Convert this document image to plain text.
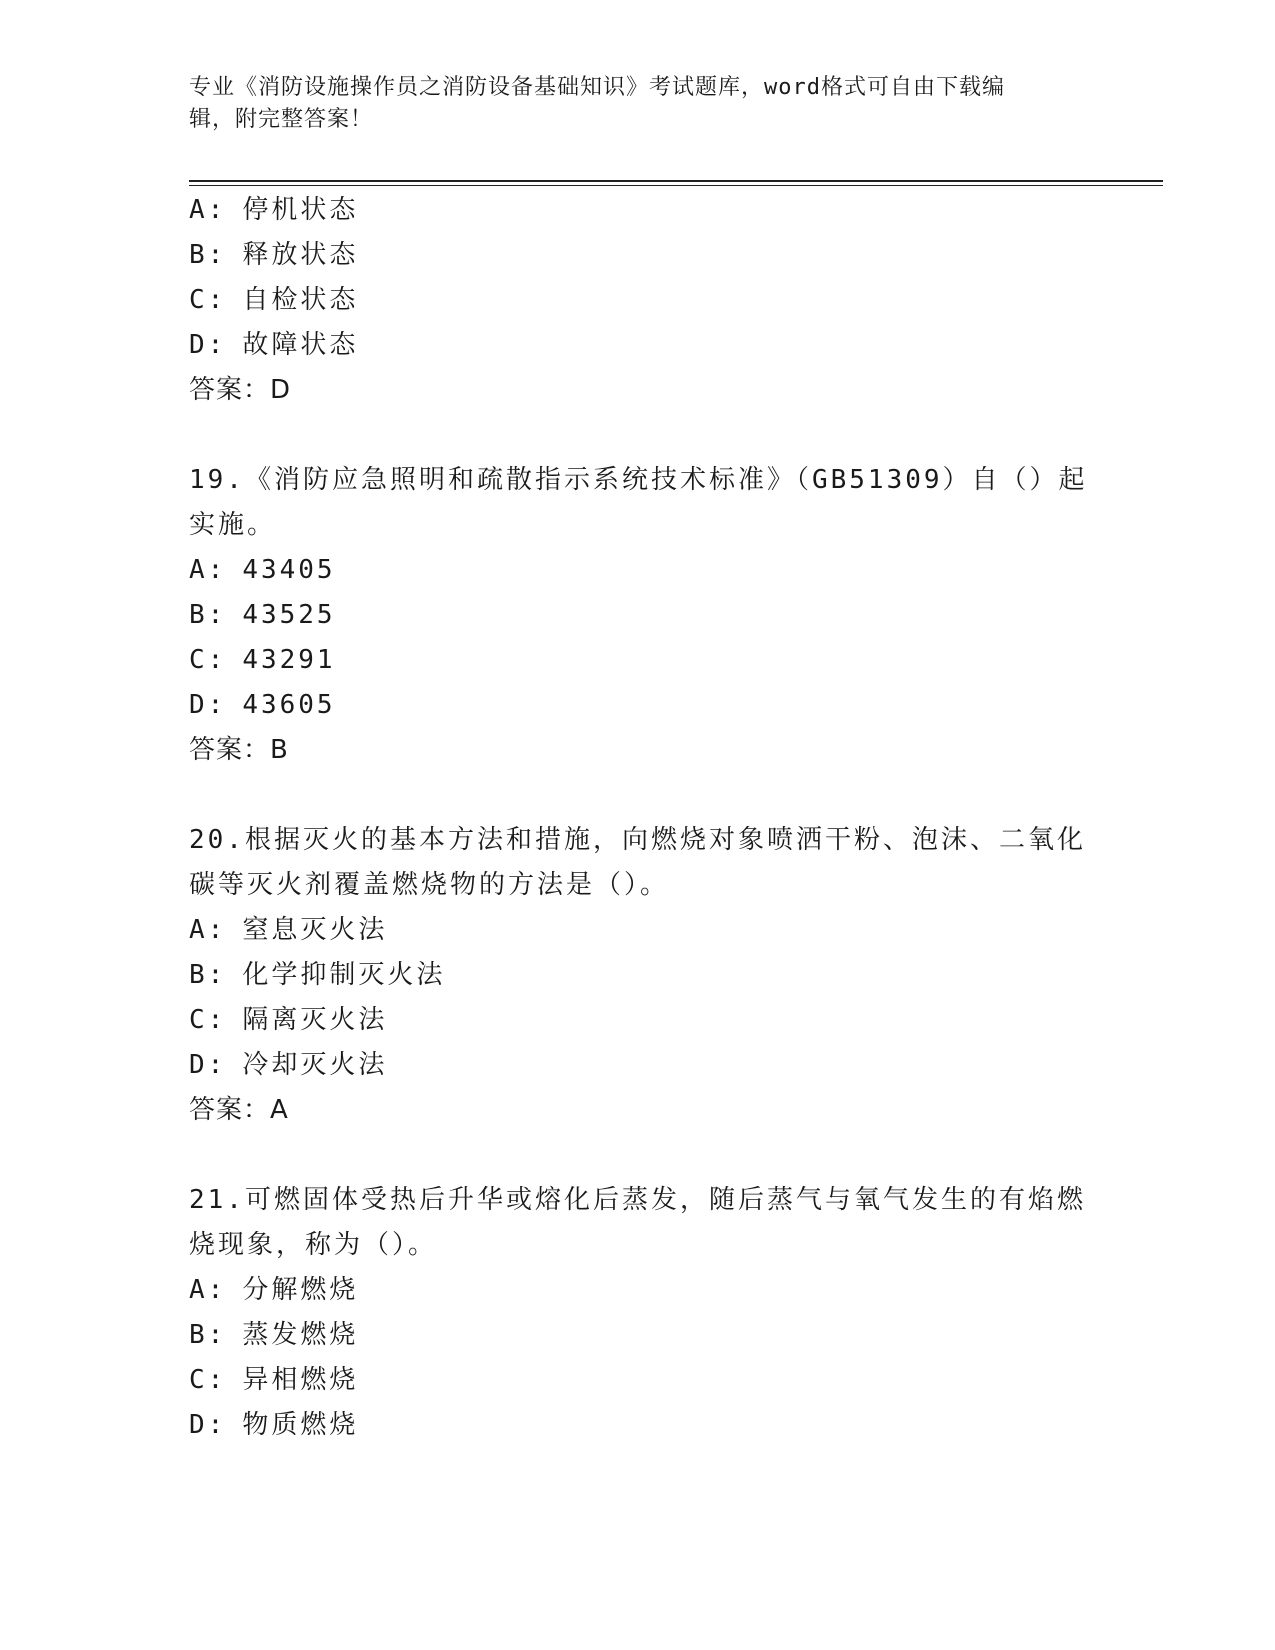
专业《消防设施操作员之消防设备基础知识》考试题库，word格式可自由下载编
辑，附完整答案！
A: 停机状态
B: 释放状态
C: 自检状态
D: 故障状态
答案：D
19.《消防应急照明和疏散指示系统技术标准》（GB51309）自（）起
实施。
A: 43405
B: 43525
C: 43291
D: 43605
答案：B
20.根据灭火的基本方法和措施，向燃烧对象喷洒干粉、泡沫、二氧化
碳等灭火剂覆盖燃烧物的方法是（）。
A: 窒息灭火法
B: 化学抑制灭火法
C: 隔离灭火法
D: 冷却灭火法
答案：A
21.可燃固体受热后升华或熔化后蒸发，随后蒸气与氧气发生的有焰燃
烧现象，称为（）。
A: 分解燃烧
B: 蒸发燃烧
C: 异相燃烧
D: 物质燃烧
